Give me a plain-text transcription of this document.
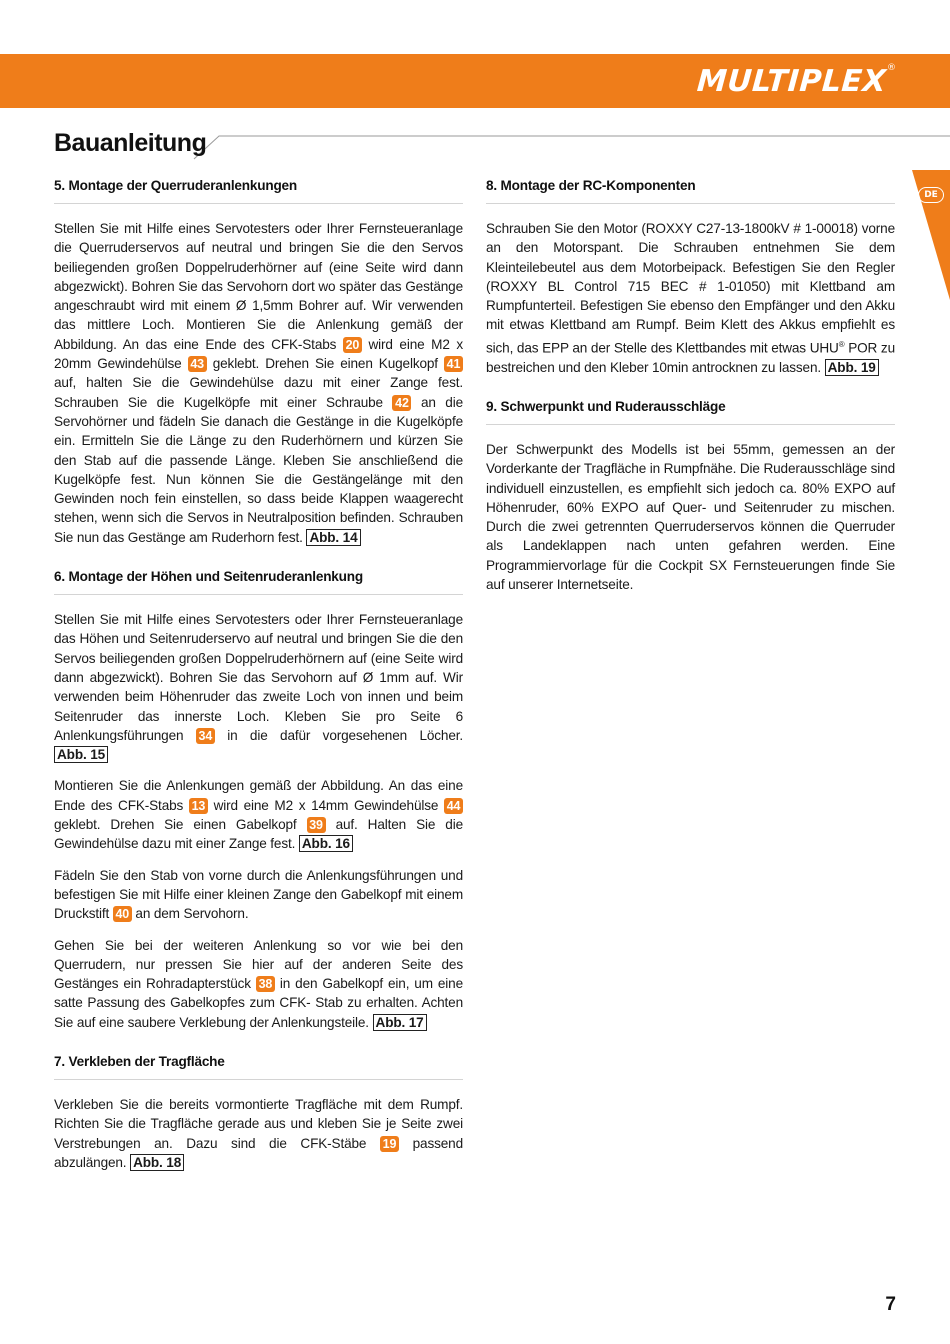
MULTIPLEX ®
Bauanleitung
DE
5. Montage der Querruderanlenkungen

Stellen Sie mit Hilfe eines Servotesters oder Ihrer Fernsteueranlage die Querruderservos auf neutral und bringen Sie die den Servos beiliegenden großen Doppelruderhörner auf (eine Seite wird dann abgezwickt). Bohren Sie das Servohorn dort wo später das Gestänge angeschraubt wird mit einem Ø 1,5mm Bohrer auf. Wir verwenden das mittlere Loch. Montieren Sie die Anlenkung gemäß der Abbildung. An das eine Ende des CFK-Stabs 20 wird eine M2 x 20mm Gewindehülse 43 geklebt. Drehen Sie einen Kugelkopf 41 auf, halten Sie die Gewindehülse dazu mit einer Zange fest. Schrauben Sie die Kugelköpfe mit einer Schraube 42 an die Servohörner und fädeln Sie danach die Gestänge in die Kugelköpfe ein. Ermitteln Sie die Länge zu den Ruderhörnern und kürzen Sie den Stab auf die passende Länge. Kleben Sie anschließend die Kugelköpfe fest. Nun können Sie die Gestängelänge mit den Gewinden noch fein einstellen, so dass beide Klappen waagerecht stehen, wenn sich die Servos in Neutralposition befinden. Schrauben Sie nun das Gestänge am Ruderhorn fest. Abb. 14

6. Montage der Höhen und Seitenruderanlenkung

Stellen Sie mit Hilfe eines Servotesters oder Ihrer Fernsteueranlage das Höhen und Seitenruderservo auf neutral und bringen Sie die den Servos beiliegenden großen Doppelruderhörnern auf (eine Seite wird dann abgezwickt). Bohren Sie das Servohorn auf Ø 1mm auf. Wir verwenden beim Höhenruder das zweite Loch von innen und beim Seitenruder das innerste Loch. Kleben Sie pro Seite 6 Anlenkungsführungen 34 in die dafür vorgesehenen Löcher. Abb. 15

Montieren Sie die Anlenkungen gemäß der Abbildung. An das eine Ende des CFK-Stabs 13 wird eine M2 x 14mm Gewindehülse 44 geklebt. Drehen Sie einen Gabelkopf 39 auf. Halten Sie die Gewindehülse dazu mit einer Zange fest. Abb. 16

Fädeln Sie den Stab von vorne durch die Anlenkungsführungen und befestigen Sie mit Hilfe einer kleinen Zange den Gabelkopf mit einem Druckstift 40 an dem Servohorn.

Gehen Sie bei der weiteren Anlenkung so vor wie bei den Querrudern, nur pressen Sie hier auf der anderen Seite des Gestänges ein Rohradapterstück 38 in den Gabelkopf ein, um eine satte Passung des Gabelkopfes zum CFK- Stab zu erhalten. Achten Sie auf eine saubere Verklebung der Anlenkungsteile. Abb. 17

7. Verkleben der Tragfläche

Verkleben Sie die bereits vormontierte Tragfläche mit dem Rumpf. Richten Sie die Tragfläche gerade aus und kleben Sie je Seite zwei Verstrebungen an. Dazu sind die CFK-Stäbe 19 passend abzulängen. Abb. 18

8. Montage der RC-Komponenten

Schrauben Sie den Motor (ROXXY C27-13-1800kV # 1-00018) vorne an den Motorspant. Die Schrauben entnehmen Sie dem Kleinteilebeutel aus dem Motorbeipack. Befestigen Sie den Regler (ROXXY BL Control 715 BEC # 1-01050) mit Klettband am Rumpfunterteil. Befestigen Sie ebenso den Empfänger und den Akku mit etwas Klettband am Rumpf. Beim Klett des Akkus empfiehlt es sich, das EPP an der Stelle des Klettbandes mit etwas UHU® POR zu bestreichen und den Kleber 10min antrocknen zu lassen. Abb. 19

9. Schwerpunkt und Ruderausschläge

Der Schwerpunkt des Modells ist bei 55mm, gemessen an der Vorderkante der Tragfläche in Rumpfnähe. Die Ruderausschläge sind individuell einzustellen, es empfiehlt sich jedoch ca. 80% EXPO auf Höhenruder, 60% EXPO auf Quer- und Seitenruder zu mischen. Durch die zwei getrennten Querruderservos können die Querruder als Landeklappen nach unten gefahren werden. Eine Programmiervorlage für die Cockpit SX Fernsteuerungen finde Sie auf unserer Internetseite.

7
